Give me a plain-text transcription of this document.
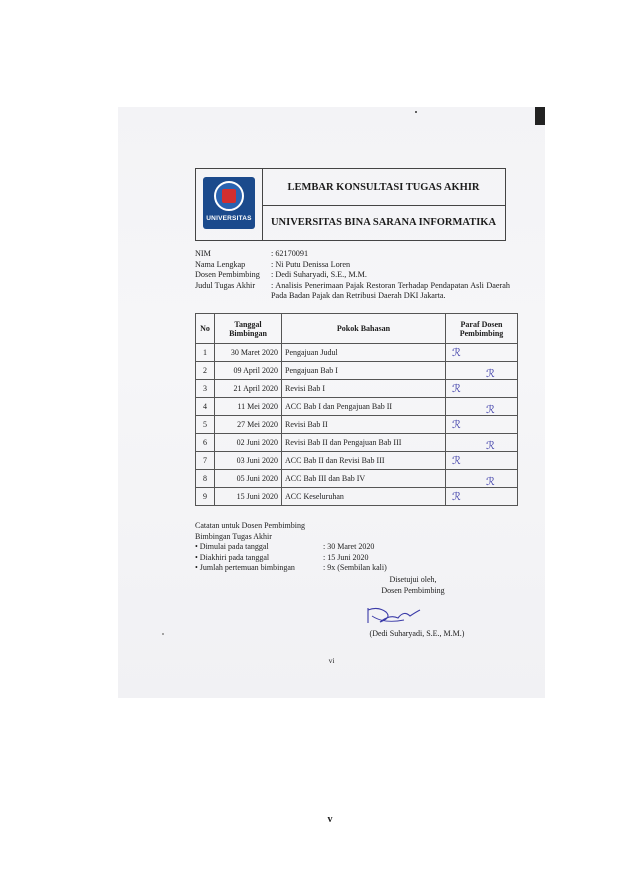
UNIVERSITAS
LEMBAR KONSULTASI TUGAS AKHIR
UNIVERSITAS BINA SARANA INFORMATIKA
NIM	: 62170091
Nama Lengkap	: Ni Putu Denissa Loren
Dosen Pembimbing	: Dedi Suharyadi, S.E., M.M.
Judul Tugas Akhir	: Analisis Penerimaan Pajak Restoran Terhadap Pendapatan Asli Daerah Pada Badan Pajak dan Retribusi Daerah DKI Jakarta.
No	Tanggal Bimbingan	Pokok Bahasan	Paraf Dosen Pembimbing
1	30 Maret 2020	Pengajuan Judul	ℛ

2	09 April 2020	Pengajuan Bab I	ℛ

3	21 April 2020	Revisi Bab I	ℛ

4	11 Mei 2020	ACC Bab I dan Pengajuan Bab II	ℛ

5	27 Mei 2020	Revisi Bab II	ℛ

6	02 Juni 2020	Revisi Bab II dan Pengajuan Bab III	ℛ

7	03 Juni 2020	ACC Bab II dan Revisi Bab III	ℛ

8	05 Juni 2020	ACC Bab III dan Bab IV	ℛ

9	15 Juni 2020	ACC Keseluruhan	ℛ
Catatan untuk Dosen Pembimbing
Bimbingan Tugas Akhir
• Dimulai pada tanggal	: 30 Maret 2020
• Diakhiri pada tanggal	: 15 Juni 2020
• Jumlah pertemuan bimbingan	: 9x (Sembilan kali)
Disetujui oleh,
Dosen Pembimbing
(Dedi Suharyadi, S.E., M.M.)
vi
v
